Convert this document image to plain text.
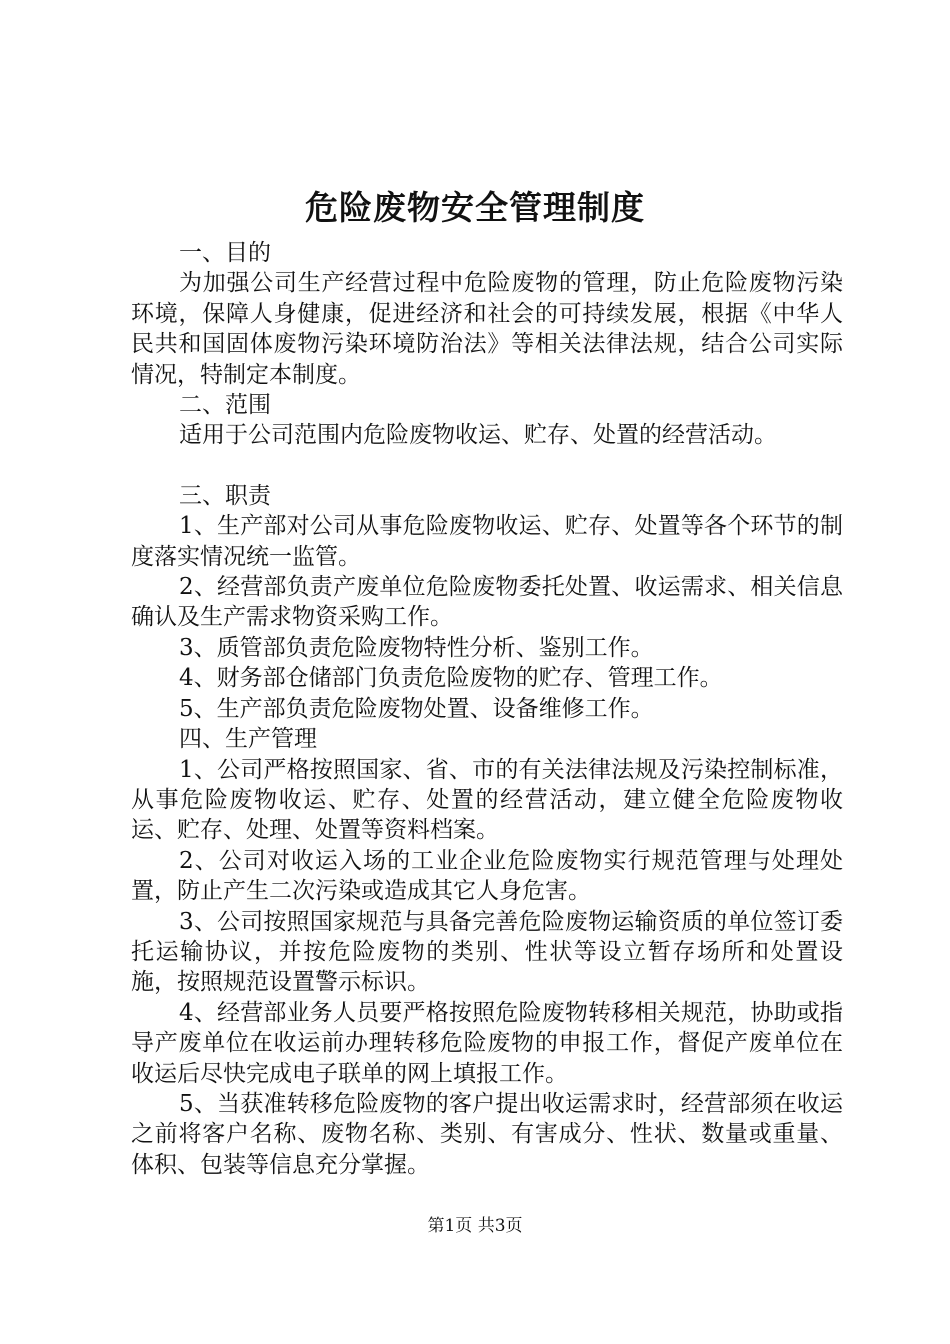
危险废物安全管理制度

一、目的

为加强公司生产经营过程中危险废物的管理，防止危险废物污染环境，保障人身健康，促进经济和社会的可持续发展，根据《中华人民共和国固体废物污染环境防治法》等相关法律法规，结合公司实际情况，特制定本制度。

二、范围

适用于公司范围内危险废物收运、贮存、处置的经营活动。

三、职责

1、生产部对公司从事危险废物收运、贮存、处置等各个环节的制度落实情况统一监管。

2、经营部负责产废单位危险废物委托处置、收运需求、相关信息确认及生产需求物资采购工作。

3、质管部负责危险废物特性分析、鉴别工作。

4、财务部仓储部门负责危险废物的贮存、管理工作。

5、生产部负责危险废物处置、设备维修工作。

四、生产管理

1、公司严格按照国家、省、市的有关法律法规及污染控制标准，从事危险废物收运、贮存、处置的经营活动，建立健全危险废物收运、贮存、处理、处置等资料档案。

2、公司对收运入场的工业企业危险废物实行规范管理与处理处置，防止产生二次污染或造成其它人身危害。

3、公司按照国家规范与具备完善危险废物运输资质的单位签订委托运输协议，并按危险废物的类别、性状等设立暂存场所和处置设施，按照规范设置警示标识。

4、经营部业务人员要严格按照危险废物转移相关规范，协助或指导产废单位在收运前办理转移危险废物的申报工作，督促产废单位在收运后尽快完成电子联单的网上填报工作。

5、当获准转移危险废物的客户提出收运需求时，经营部须在收运之前将客户名称、废物名称、类别、有害成分、性状、数量或重量、体积、包装等信息充分掌握。

第1页 共3页
